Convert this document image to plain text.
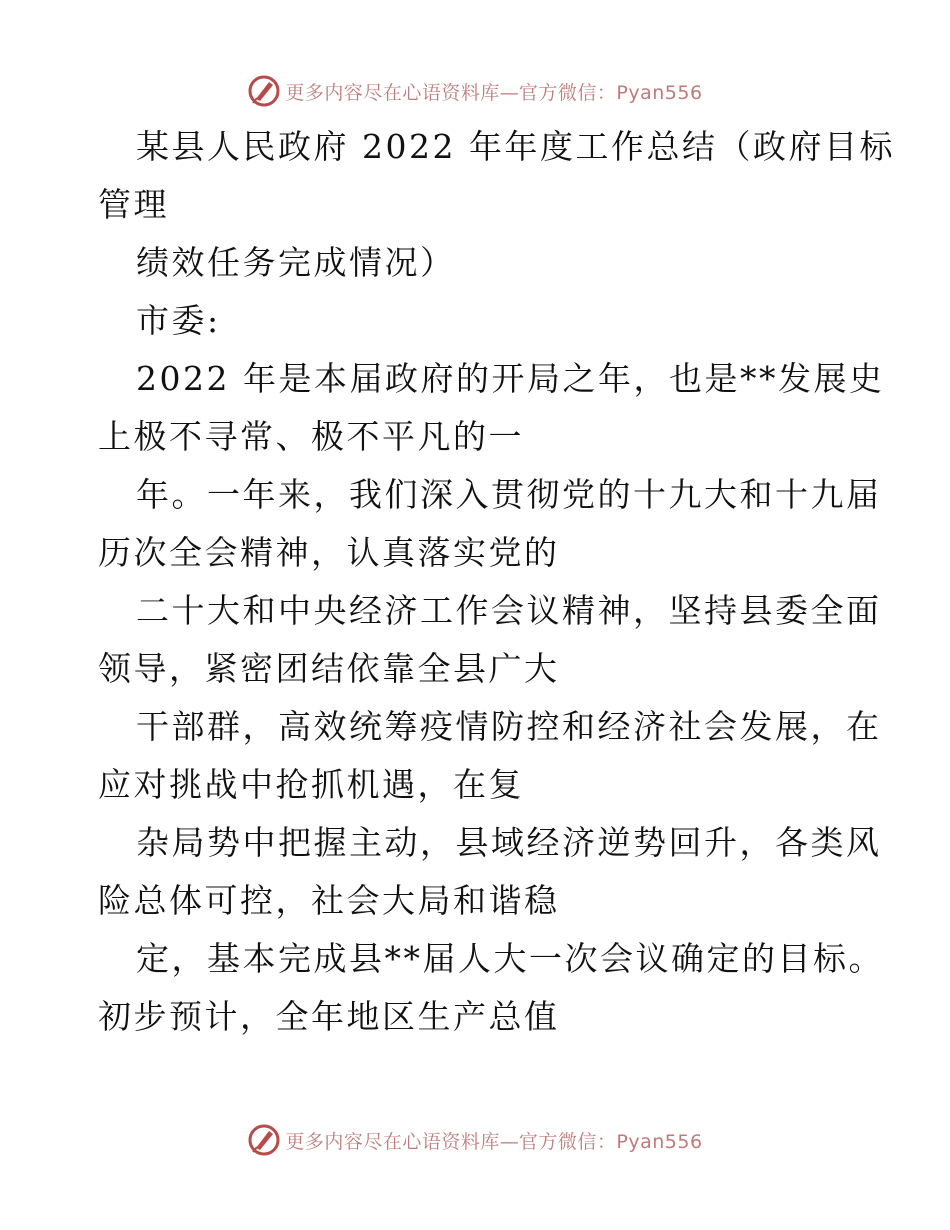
更多内容尽在心语资料库—官方微信：Pyan556
某县人民政府 2022 年年度工作总结（政府目标
管理
绩效任务完成情况）
市委:
2022 年是本届政府的开局之年，也是**发展史
上极不寻常、极不平凡的一
年。一年来，我们深入贯彻党的十九大和十九届
历次全会精神，认真落实党的
二十大和中央经济工作会议精神，坚持县委全面
领导，紧密团结依靠全县广大
干部群，高效统筹疫情防控和经济社会发展，在
应对挑战中抢抓机遇，在复
杂局势中把握主动，县域经济逆势回升，各类风
险总体可控，社会大局和谐稳
定，基本完成县**届人大一次会议确定的目标。
初步预计，全年地区生产总值
更多内容尽在心语资料库—官方微信：Pyan556
